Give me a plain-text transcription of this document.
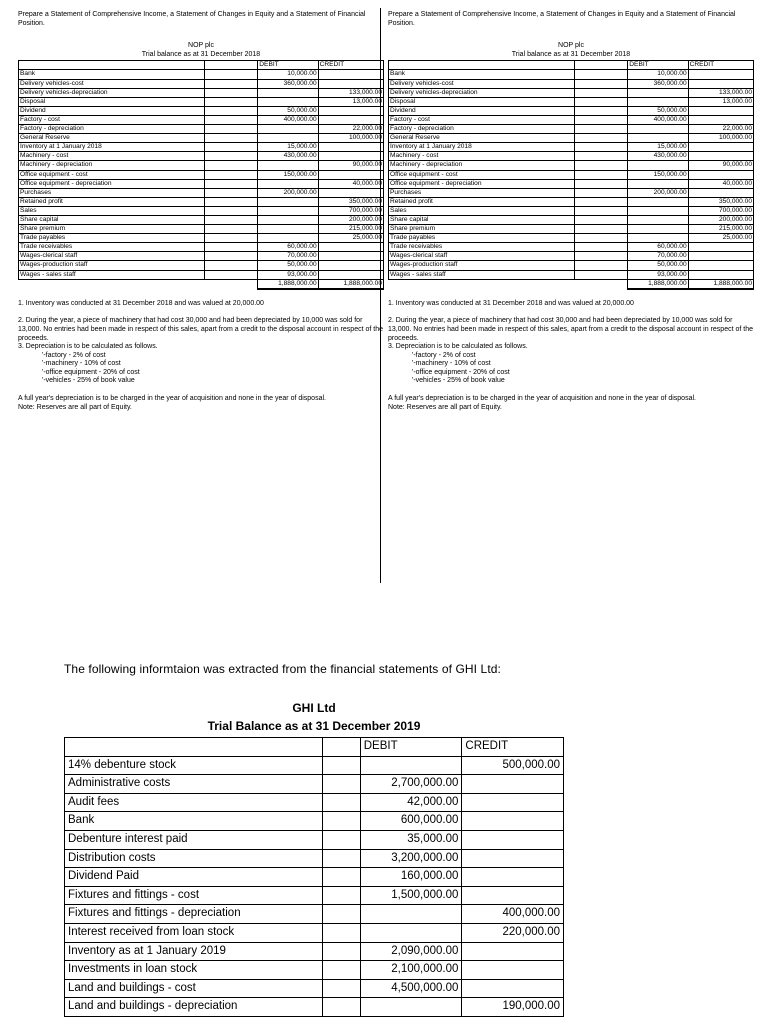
Prepare a Statement of Comprehensive Income, a Statement of Changes in Equity and a Statement of Financial Position.

NOP plc
Trial balance as at 31 December 2018
		DEBIT	CREDIT
Bank		10,000.00	
Delivery vehicles-cost		360,000.00	
Delivery vehicles-depreciation			133,000.00
Disposal			13,000.00
Dividend		50,000.00	
Factory - cost		400,000.00	
Factory - depreciation			22,000.00
General Reserve			100,000.00
Inventory at 1 January 2018		15,000.00	
Machinery - cost		430,000.00	
Machinery - depreciation			90,000.00
Office equipment - cost		150,000.00	
Office equipment - depreciation			40,000.00
Purchases		200,000.00	
Retained profit			350,000.00
Sales			700,000.00
Share capital			200,000.00
Share premium			215,000.00
Trade payables			25,000.00
Trade receivables		60,000.00	
Wages-clerical staff		70,000.00	
Wages-production staff		50,000.00	
Wages - sales staff		93,000.00	
		1,888,000.00	1,888,000.00

1. Inventory was conducted at 31 December 2018 and was valued at 20,000.00

2. During the year, a piece of machinery that had cost 30,000 and had been depreciated by 10,000 was sold for 13,000. No entries had been made in respect of this sales, apart from a credit to the disposal account in respect of the proceeds.

3. Depreciation is to be calculated as follows.

'-factory - 2% of cost

'-machinery - 10% of cost

'-office equipment - 20% of cost

'-vehicles - 25% of book value

A full year's depreciation is to be charged in the year of acquisition and none in the year of disposal.

Note: Reserves are all part of Equity.

Prepare a Statement of Comprehensive Income, a Statement of Changes in Equity and a Statement of Financial Position.

NOP plc
Trial balance as at 31 December 2018
		DEBIT	CREDIT
Bank		10,000.00	
Delivery vehicles-cost		360,000.00	
Delivery vehicles-depreciation			133,000.00
Disposal			13,000.00
Dividend		50,000.00	
Factory - cost		400,000.00	
Factory - depreciation			22,000.00
General Reserve			100,000.00
Inventory at 1 January 2018		15,000.00	
Machinery - cost		430,000.00	
Machinery - depreciation			90,000.00
Office equipment - cost		150,000.00	
Office equipment - depreciation			40,000.00
Purchases		200,000.00	
Retained profit			350,000.00
Sales			700,000.00
Share capital			200,000.00
Share premium			215,000.00
Trade payables			25,000.00
Trade receivables		60,000.00	
Wages-clerical staff		70,000.00	
Wages-production staff		50,000.00	
Wages - sales staff		93,000.00	
		1,888,000.00	1,888,000.00

1. Inventory was conducted at 31 December 2018 and was valued at 20,000.00

2. During the year, a piece of machinery that had cost 30,000 and had been depreciated by 10,000 was sold for 13,000. No entries had been made in respect of this sales, apart from a credit to the disposal account in respect of the proceeds.

3. Depreciation is to be calculated as follows.

'-factory - 2% of cost

'-machinery - 10% of cost

'-office equipment - 20% of cost

'-vehicles - 25% of book value

A full year's depreciation is to be charged in the year of acquisition and none in the year of disposal.

Note: Reserves are all part of Equity.

The following informtaion was extracted from the financial statements of GHI Ltd:
GHI Ltd
Trial Balance as at 31 December 2019
		DEBIT	CREDIT
14% debenture stock			500,000.00
Administrative costs		2,700,000.00	
Audit fees		42,000.00	
Bank		600,000.00	
Debenture interest paid		35,000.00	
Distribution costs		3,200,000.00	
Dividend Paid		160,000.00	
Fixtures and fittings - cost		1,500,000.00	
Fixtures and fittings - depreciation			400,000.00
Interest received from loan stock			220,000.00
Inventory as at 1 January 2019		2,090,000.00	
Investments in loan stock		2,100,000.00	
Land and buildings - cost		4,500,000.00	
Land and buildings - depreciation			190,000.00
